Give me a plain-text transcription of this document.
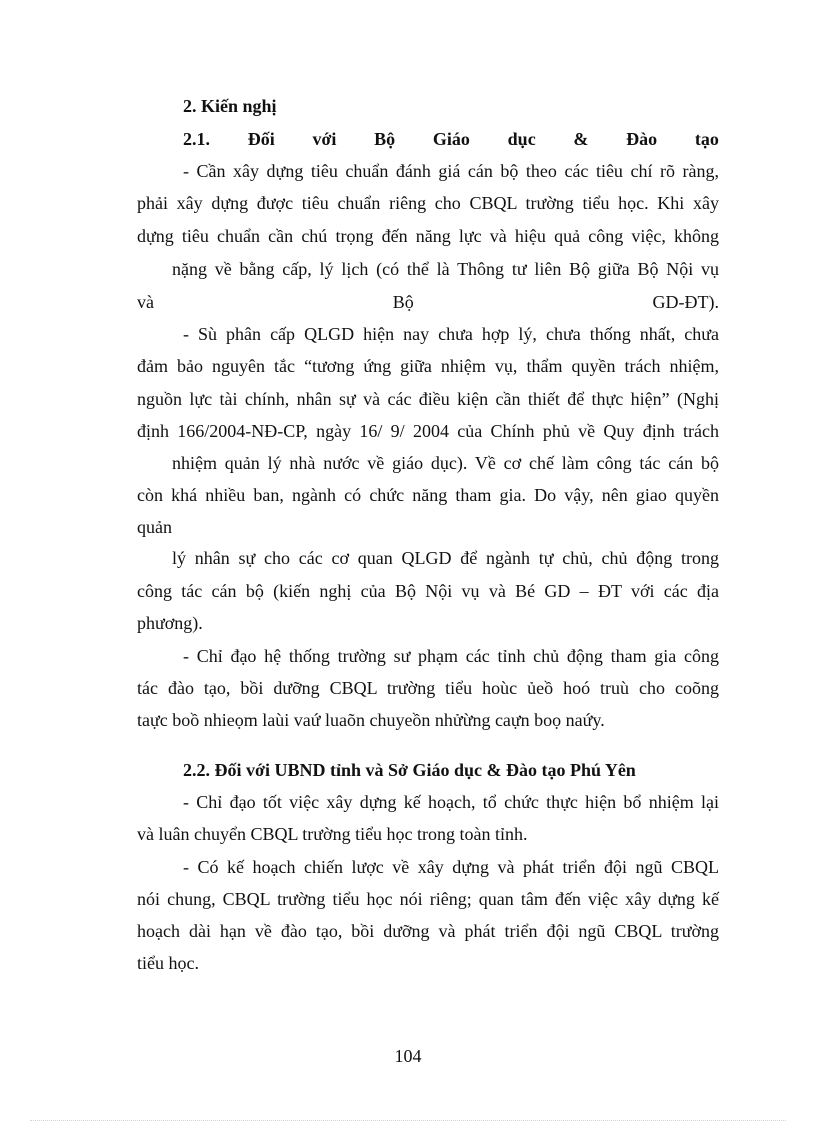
2. Kiến nghị
2.1. Đối với Bộ Giáo dục & Đào tạo
- Cần xây dựng tiêu chuẩn đánh giá cán bộ theo các tiêu chí rõ ràng,
phải xây dựng được tiêu chuẩn riêng cho CBQL trường tiểu học. Khi xây
dựng tiêu chuẩn cần chú trọng đến năng lực và hiệu quả công việc, không
nặng về bằng cấp, lý lịch (có thể là Thông tư liên Bộ giữa Bộ Nội vụ
và Bộ GD-ĐT).
- Sù phân cấp QLGD hiện nay chưa hợp lý, chưa thống nhất, chưa
đảm bảo nguyên tắc “tương ứng giữa nhiệm vụ, thẩm quyền trách nhiệm,
nguồn lực tài chính, nhân sự và các điều kiện cần thiết để thực hiện” (Nghị
định 166/2004-NĐ-CP, ngày 16/ 9/ 2004 của Chính phủ về Quy định trách
nhiệm quản lý nhà nước về giáo dục). Về cơ chế làm công tác cán bộ
còn khá nhiều ban, ngành có chức năng tham gia. Do vậy, nên giao quyền
quản
lý nhân sự cho các cơ quan QLGD để ngành tự chủ, chủ động trong
công tác cán bộ (kiến nghị của Bộ Nội vụ và Bé GD – ĐT với các địa
phương).
- Chỉ đạo hệ thống trường sư phạm các tỉnh chủ động tham gia công
tác đào tạo, bồi dưỡng CBQL trường tiểu hoùc ủeồ hoó truù cho coõng
taực boồ nhieọm laùi vaứ luaõn chuyeồn nhửừng caựn boọ naứy.
2.2. Đối với UBND tỉnh và Sở Giáo dục & Đào tạo Phú Yên
- Chỉ đạo tốt việc xây dựng kế hoạch, tổ chức thực hiện bổ nhiệm lại
và luân chuyển CBQL trường tiểu học trong toàn tỉnh.
- Có kế hoạch chiến lược về xây dựng và phát triển đội ngũ CBQL
nói chung, CBQL trường tiểu học nói riêng; quan tâm đến việc xây dựng kế
hoạch dài hạn về đào tạo, bồi dưỡng và phát triển đội ngũ CBQL trường
tiểu học.
104
